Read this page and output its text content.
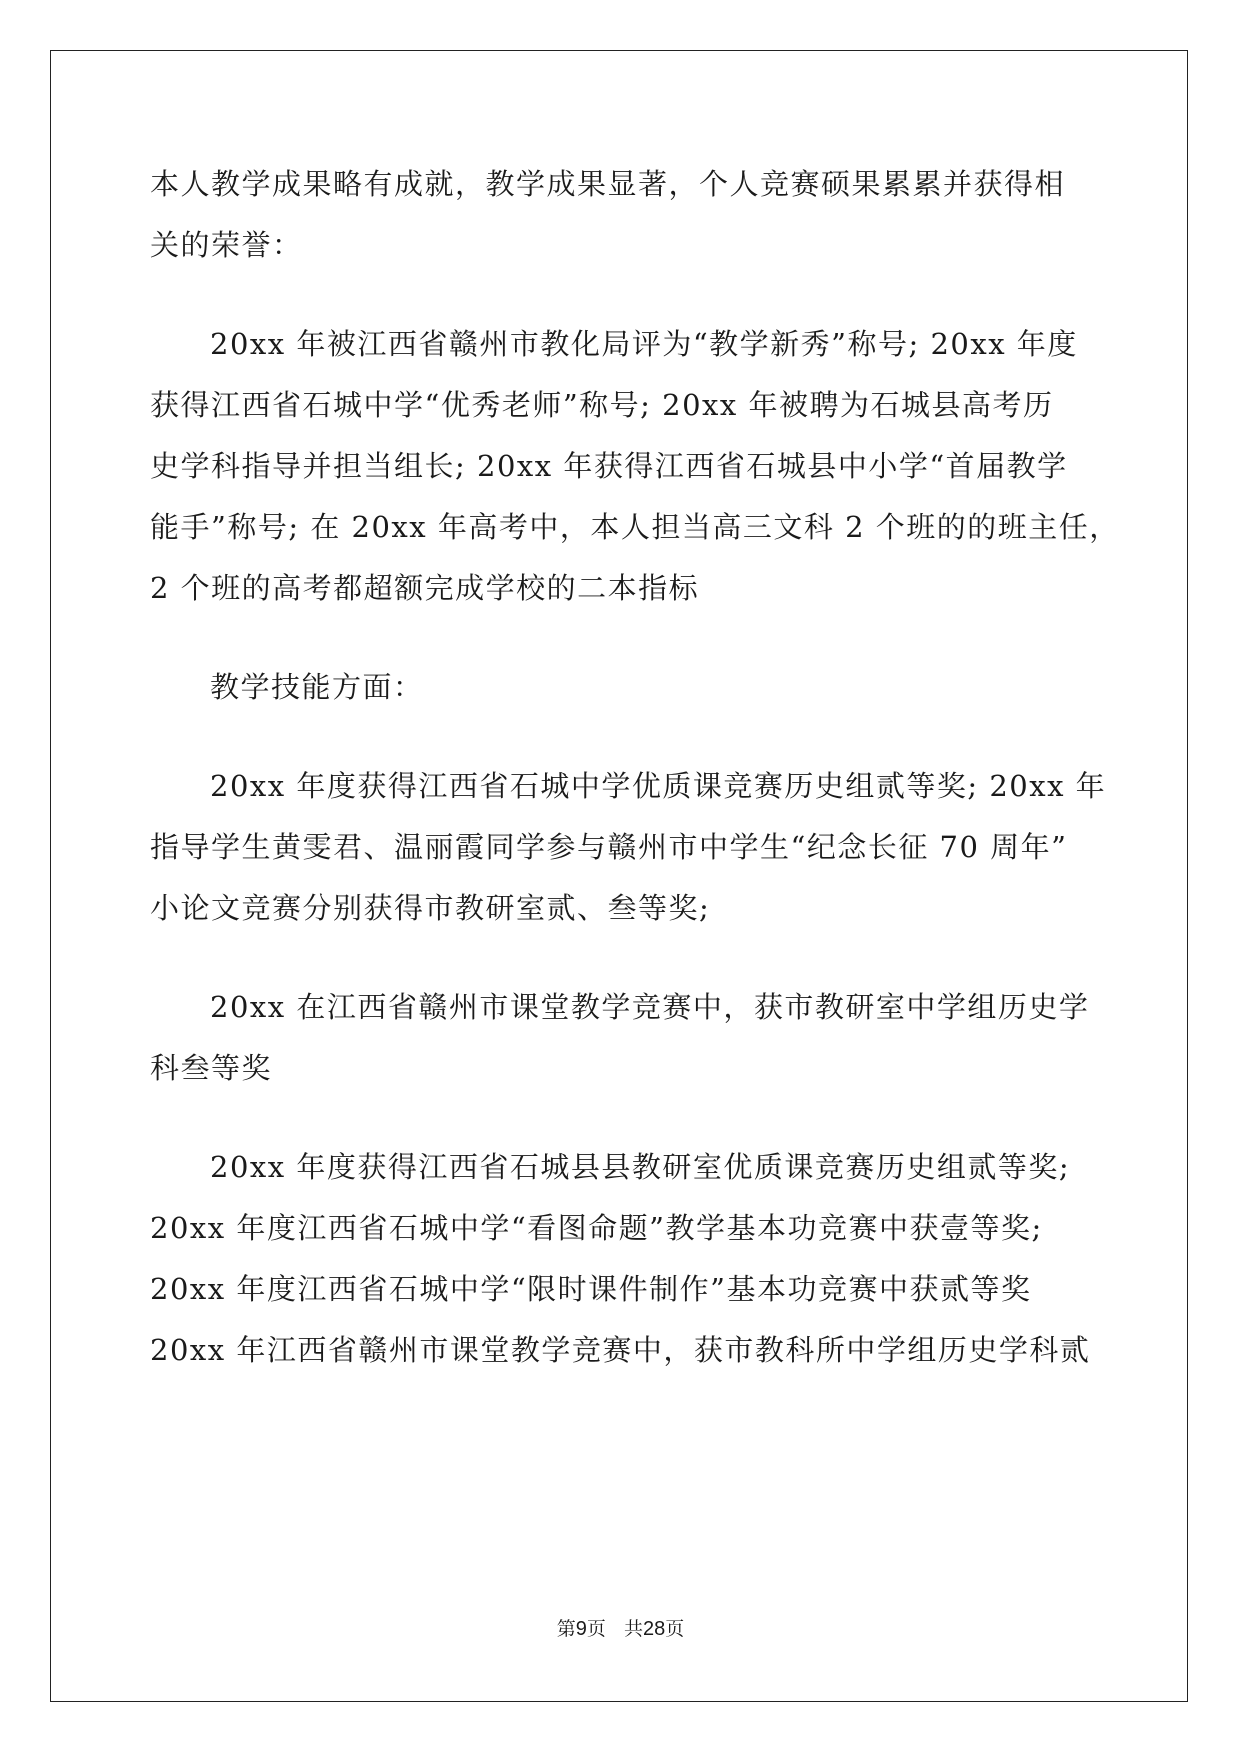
本人教学成果略有成就，教学成果显著，个人竞赛硕果累累并获得相
关的荣誉：
20xx 年被江西省赣州市教化局评为“教学新秀”称号; 20xx 年度
获得江西省石城中学“优秀老师”称号; 20xx 年被聘为石城县高考历
史学科指导并担当组长; 20xx 年获得江西省石城县中小学“首届教学
能手”称号; 在 20xx 年高考中，本人担当高三文科 2 个班的的班主任，
2 个班的高考都超额完成学校的二本指标
教学技能方面：
20xx 年度获得江西省石城中学优质课竞赛历史组贰等奖; 20xx 年
指导学生黄雯君、温丽霞同学参与赣州市中学生“纪念长征 70 周年”
小论文竞赛分别获得市教研室贰、叁等奖;
20xx 在江西省赣州市课堂教学竞赛中，获市教研室中学组历史学
科叁等奖
20xx 年度获得江西省石城县县教研室优质课竞赛历史组贰等奖;
20xx 年度江西省石城中学“看图命题”教学基本功竞赛中获壹等奖;
20xx 年度江西省石城中学“限时课件制作”基本功竞赛中获贰等奖
20xx 年江西省赣州市课堂教学竞赛中，获市教科所中学组历史学科贰
第9页 共28页
